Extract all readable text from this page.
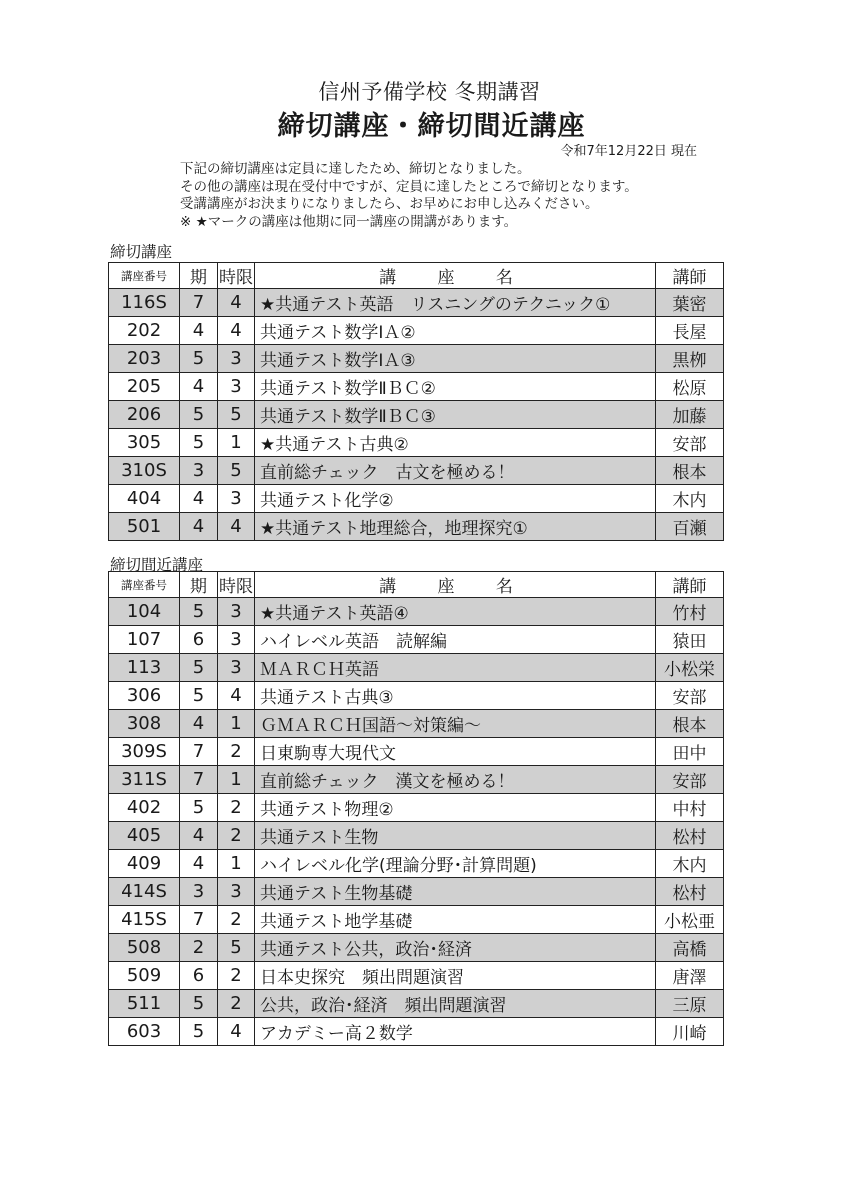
信州予備学校 冬期講習
締切講座・締切間近講座
令和7年12月22日 現在
下記の締切講座は定員に達したため、締切となりました。
その他の講座は現在受付中ですが、定員に達したところで締切となります。
受講講座がお決まりになりましたら、お早めにお申し込みください。
※ ★マークの講座は他期に同一講座の開講があります。
締切講座
講座番号	期	時限	講 座 名	講師
116S	7	4	★共通テスト英語　リスニングのテクニック①	葉密
202	4	4	共通テスト数学ⅠＡ②	長屋
203	5	3	共通テスト数学ⅠＡ③	黒栁
205	4	3	共通テスト数学ⅡＢＣ②	松原
206	5	5	共通テスト数学ⅡＢＣ③	加藤
305	5	1	★共通テスト古典②	安部
310S	3	5	直前総チェック　古文を極める！	根本
404	4	3	共通テスト化学②	木内
501	4	4	★共通テスト地理総合，地理探究①	百瀬
締切間近講座
講座番号	期	時限	講 座 名	講師
104	5	3	★共通テスト英語④	竹村
107	6	3	ハイレベル英語　読解編	猿田
113	5	3	ＭＡＲＣＨ英語	小松栄
306	5	4	共通テスト古典③	安部
308	4	1	ＧＭＡＲＣＨ国語～対策編～	根本
309S	7	2	日東駒専大現代文	田中
311S	7	1	直前総チェック　漢文を極める！	安部
402	5	2	共通テスト物理②	中村
405	4	2	共通テスト生物	松村
409	4	1	ハイレベル化学(理論分野･計算問題)	木内
414S	3	3	共通テスト生物基礎	松村
415S	7	2	共通テスト地学基礎	小松亜
508	2	5	共通テスト公共，政治･経済	高橋
509	6	2	日本史探究　頻出問題演習	唐澤
511	5	2	公共，政治･経済　頻出問題演習	三原
603	5	4	アカデミー高２数学	川崎
